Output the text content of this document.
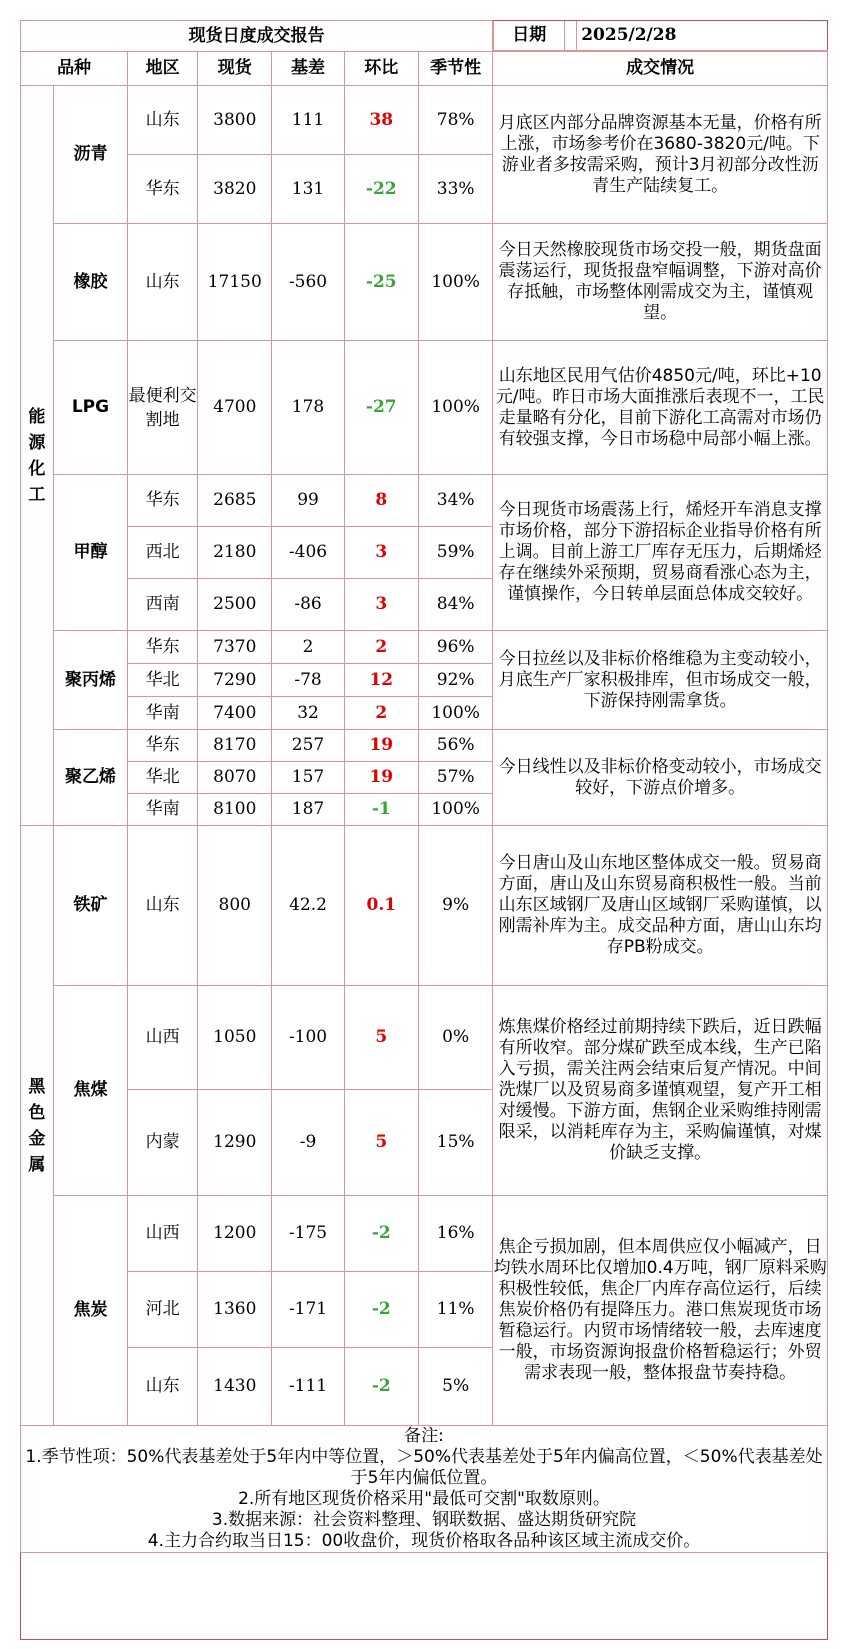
现货日度成交报告		日期		2025/2/28

品种	地区	现货	基差	环比	季节性	成交情况
能源化工	沥青	山东	3800	111	38	78%	月底区内部分品牌资源基本无量，价格有所上涨，市场参考价在3680-3820元/吨。下游业者多按需采购，预计3月初部分改性沥青生产陆续复工。
华东	3820	131	-22	33%
橡胶	山东	17150	-560	-25	100%	今日天然橡胶现货市场交投一般，期货盘面震荡运行，现货报盘窄幅调整，下游对高价存抵触，市场整体刚需成交为主，谨慎观望。
LPG	最便利交割地	4700	178	-27	100%	山东地区民用气估价4850元/吨，环比+10元/吨。昨日市场大面推涨后表现不一，工民走量略有分化，目前下游化工高需对市场仍有较强支撑，今日市场稳中局部小幅上涨。
甲醇	华东	2685	99	8	34%	今日现货市场震荡上行，烯烃开车消息支撑市场价格，部分下游招标企业指导价格有所上调。目前上游工厂库存无压力，后期烯烃存在继续外采预期，贸易商看涨心态为主，谨慎操作，今日转单层面总体成交较好。
西北	2180	-406	3	59%
西南	2500	-86	3	84%
聚丙烯	华东	7370	2	2	96%	今日拉丝以及非标价格维稳为主变动较小，月底生产厂家积极排库，但市场成交一般，下游保持刚需拿货。
华北	7290	-78	12	92%
华南	7400	32	2	100%
聚乙烯	华东	8170	257	19	56%	今日线性以及非标价格变动较小，市场成交较好，下游点价增多。
华北	8070	157	19	57%
华南	8100	187	-1	100%
黑色金属	铁矿	山东	800	42.2	0.1	9%	今日唐山及山东地区整体成交一般。贸易商方面，唐山及山东贸易商积极性一般。当前山东区域钢厂及唐山区域钢厂采购谨慎，以刚需补库为主。成交品种方面，唐山山东均存PB粉成交。
焦煤	山西	1050	-100	5	0%	炼焦煤价格经过前期持续下跌后，近日跌幅有所收窄。部分煤矿跌至成本线，生产已陷入亏损，需关注两会结束后复产情况。中间洗煤厂以及贸易商多谨慎观望，复产开工相对缓慢。下游方面，焦钢企业采购维持刚需限采，以消耗库存为主，采购偏谨慎，对煤价缺乏支撑。
内蒙	1290	-9	5	15%
焦炭	山西	1200	-175	-2	16%	焦企亏损加剧，但本周供应仅小幅减产，日均铁水周环比仅增加0.4万吨，钢厂原料采购积极性较低，焦企厂内库存高位运行，后续焦炭价格仍有提降压力。港口焦炭现货市场暂稳运行。内贸市场情绪较一般，去库速度一般，市场资源询报盘价格暂稳运行；外贸需求表现一般，整体报盘节奏持稳。
河北	1360	-171	-2	11%
山东	1430	-111	-2	5%

备注:
1.季节性项：50%代表基差处于5年内中等位置，＞50%代表基差处于5年内偏高位置，＜50%代表基差处于5年内偏低位置。
2.所有地区现货价格采用"最低可交割"取数原则。
3.数据来源：社会资料整理、钢联数据、盛达期货研究院
4.主力合约取当日15：00收盘价，现货价格取各品种该区域主流成交价。
